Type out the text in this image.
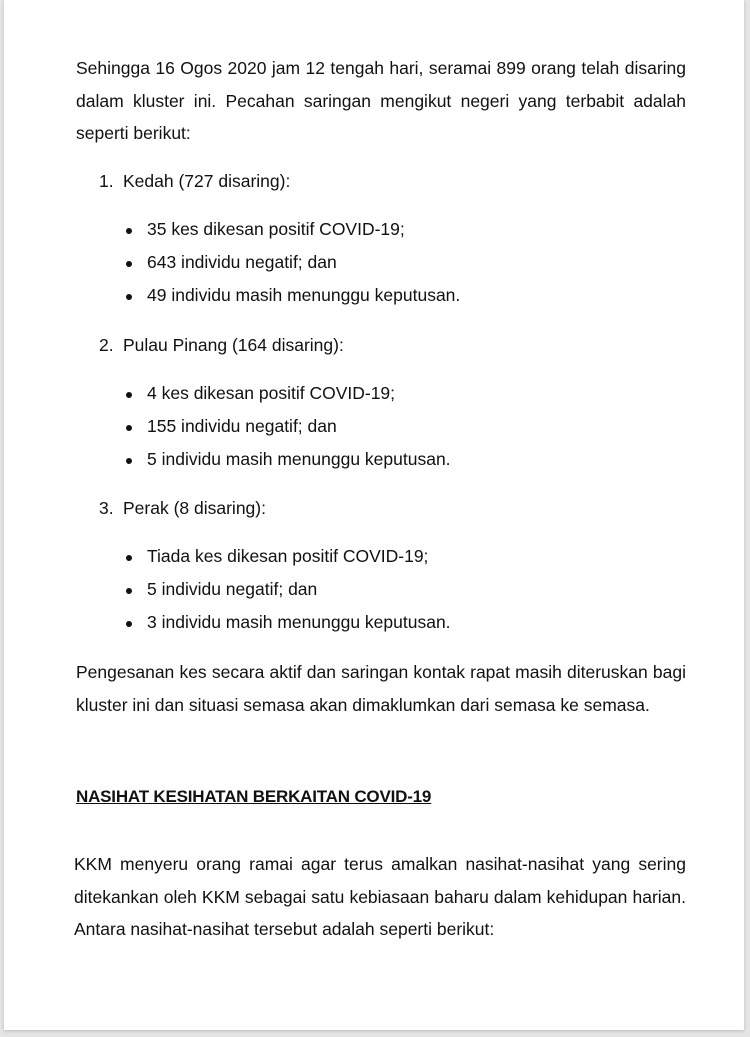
Sehingga 16 Ogos 2020 jam 12 tengah hari, seramai 899 orang telah disaring dalam kluster ini. Pecahan saringan mengikut negeri yang terbabit adalah seperti berikut:

1. Kedah (727 disaring):

35 kes dikesan positif COVID-19;
643 individu negatif; dan
49 individu masih menunggu keputusan.

2. Pulau Pinang (164 disaring):

4 kes dikesan positif COVID-19;
155 individu negatif; dan
5 individu masih menunggu keputusan.

3. Perak (8 disaring):

Tiada kes dikesan positif COVID-19;
5 individu negatif; dan
3 individu masih menunggu keputusan.

Pengesanan kes secara aktif dan saringan kontak rapat masih diteruskan bagi kluster ini dan situasi semasa akan dimaklumkan dari semasa ke semasa.

NASIHAT KESIHATAN BERKAITAN COVID-19

KKM menyeru orang ramai agar terus amalkan nasihat-nasihat yang sering ditekankan oleh KKM sebagai satu kebiasaan baharu dalam kehidupan harian. Antara nasihat-nasihat tersebut adalah seperti berikut:
